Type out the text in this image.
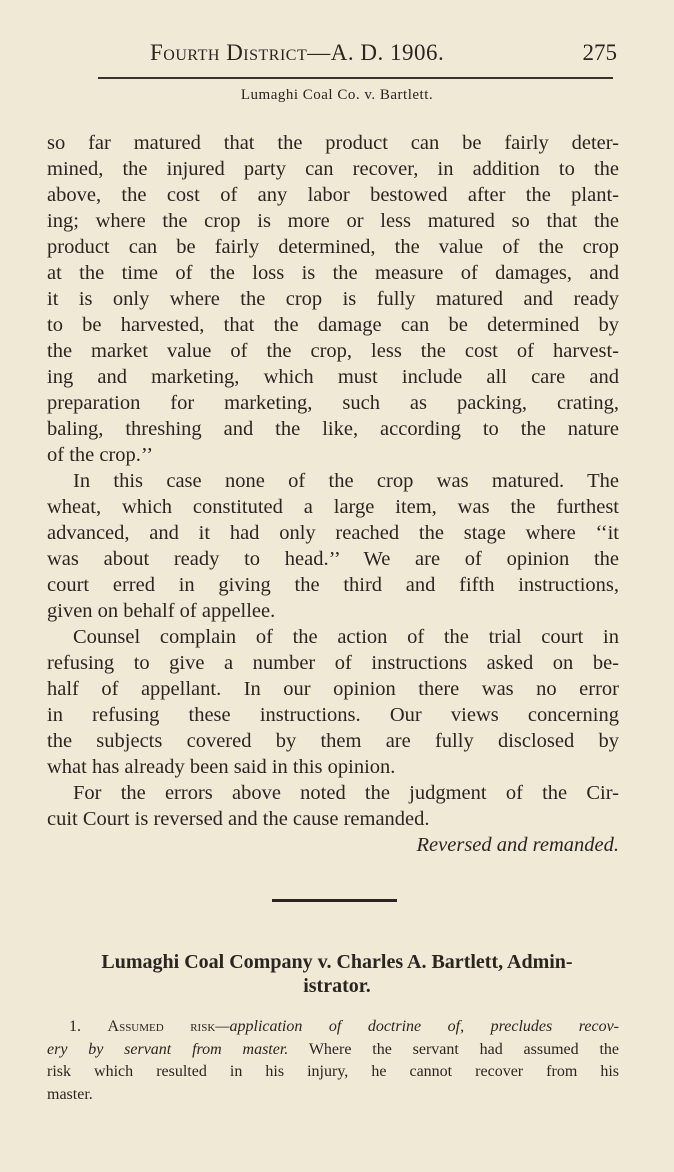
Fourth District—A. D. 1906.	275
Lumaghi Coal Co. v. Bartlett.
so far matured that the product can be fairly deter-
mined, the injured party can recover, in addition to the
above, the cost of any labor bestowed after the plant-
ing; where the crop is more or less matured so that the
product can be fairly determined, the value of the crop
at the time of the loss is the measure of damages, and
it is only where the crop is fully matured and ready
to be harvested, that the damage can be determined by
the market value of the crop, less the cost of harvest-
ing and marketing, which must include all care and
preparation for marketing, such as packing, crating,
baling, threshing and the like, according to the nature
of the crop.’’
In this case none of the crop was matured. The
wheat, which constituted a large item, was the furthest
advanced, and it had only reached the stage where ‘‘it
was about ready to head.’’ We are of opinion the
court erred in giving the third and fifth instructions,
given on behalf of appellee.
Counsel complain of the action of the trial court in
refusing to give a number of instructions asked on be-
half of appellant. In our opinion there was no error
in refusing these instructions. Our views concerning
the subjects covered by them are fully disclosed by
what has already been said in this opinion.
For the errors above noted the judgment of the Cir-
cuit Court is reversed and the cause remanded.
Reversed and remanded.
Lumaghi Coal Company v. Charles A. Bartlett, Admin-
istrator.
1. Assumed risk—application of doctrine of, precludes recov-
ery by servant from master. Where the servant had assumed the
risk which resulted in his injury, he cannot recover from his
master.
